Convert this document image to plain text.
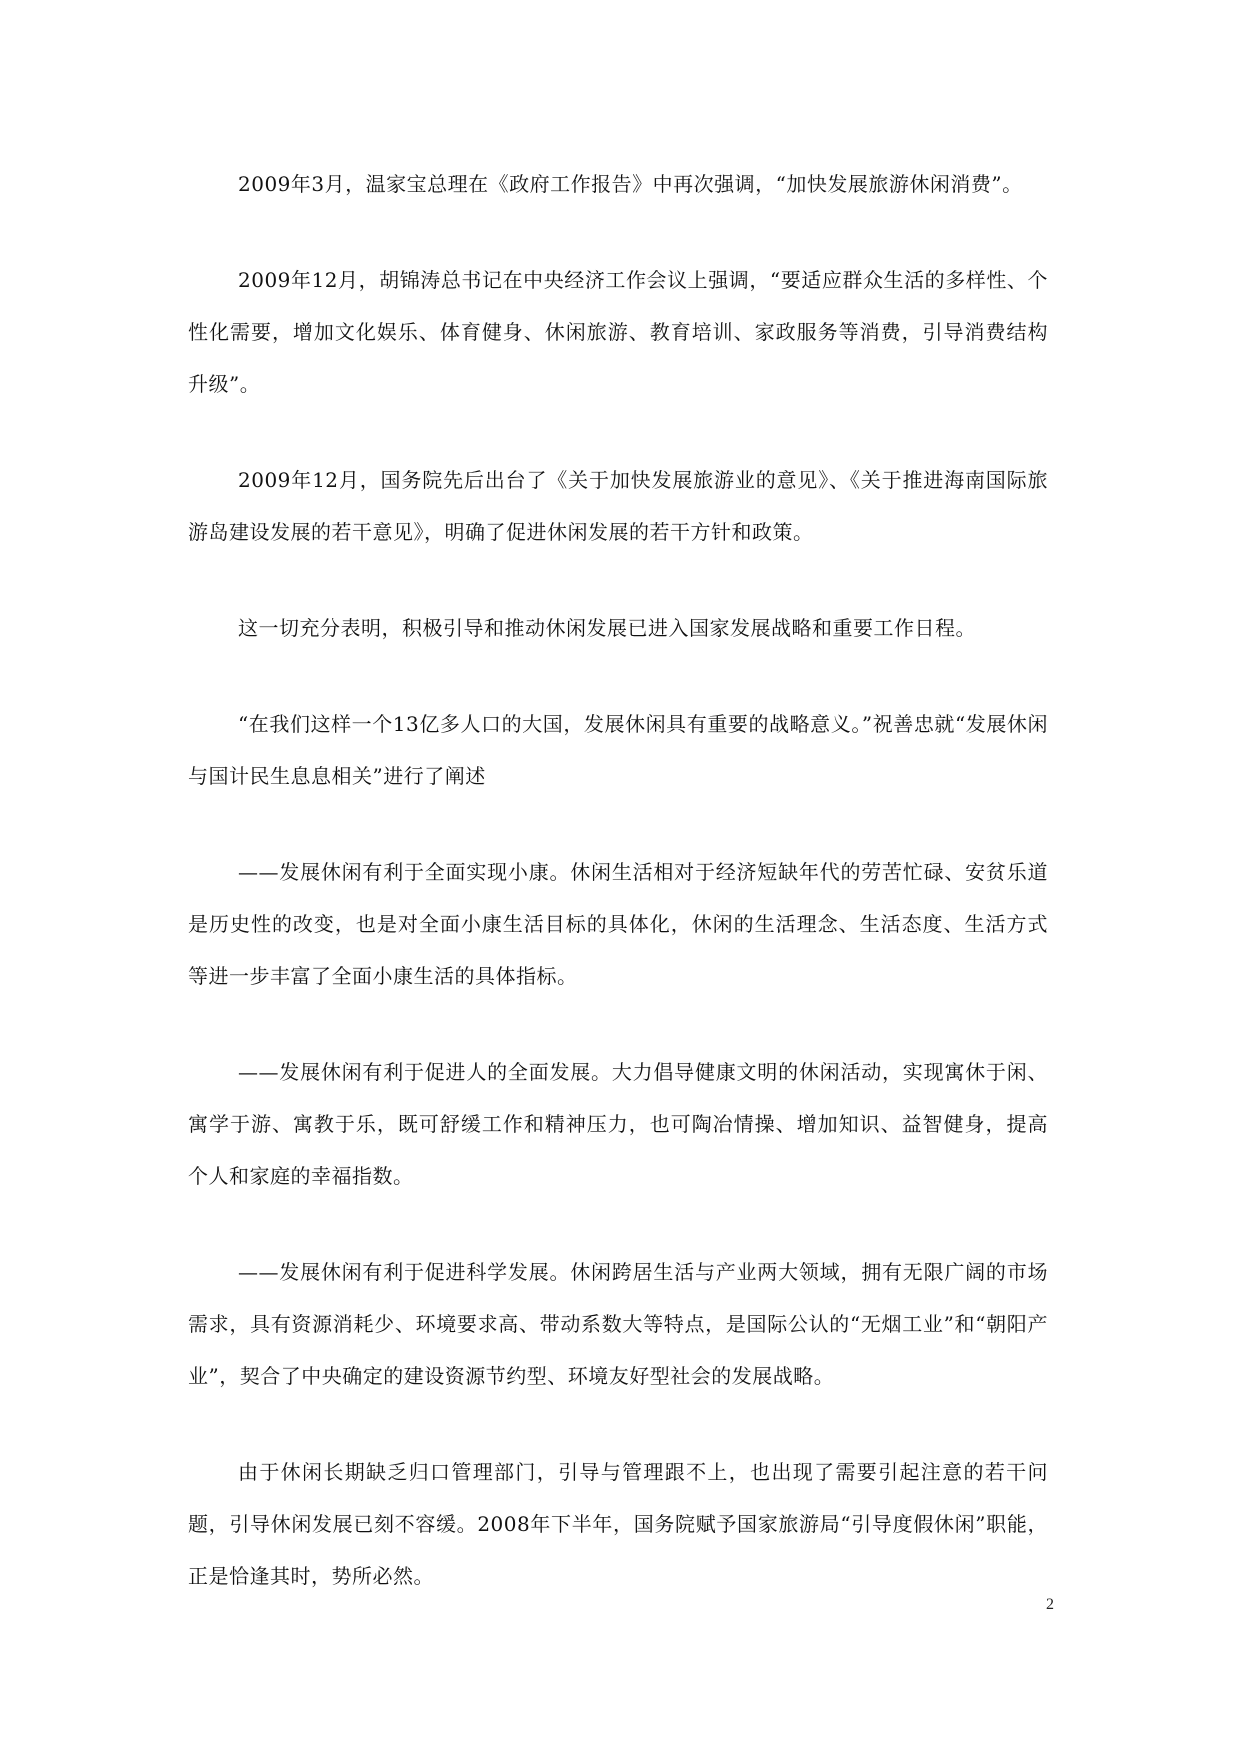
2009年3月，温家宝总理在《政府工作报告》中再次强调，“加快发展旅游休闲消费”。

2009年12月，胡锦涛总书记在中央经济工作会议上强调，“要适应群众生活的多样性、个性化需要，增加文化娱乐、体育健身、休闲旅游、教育培训、家政服务等消费，引导消费结构升级”。

2009年12月，国务院先后出台了《关于加快发展旅游业的意见》、《关于推进海南国际旅游岛建设发展的若干意见》，明确了促进休闲发展的若干方针和政策。

这一切充分表明，积极引导和推动休闲发展已进入国家发展战略和重要工作日程。

“在我们这样一个13亿多人口的大国，发展休闲具有重要的战略意义。”祝善忠就“发展休闲与国计民生息息相关”进行了阐述

——发展休闲有利于全面实现小康。休闲生活相对于经济短缺年代的劳苦忙碌、安贫乐道是历史性的改变，也是对全面小康生活目标的具体化，休闲的生活理念、生活态度、生活方式等进一步丰富了全面小康生活的具体指标。

——发展休闲有利于促进人的全面发展。大力倡导健康文明的休闲活动，实现寓休于闲、寓学于游、寓教于乐，既可舒缓工作和精神压力，也可陶冶情操、增加知识、益智健身，提高个人和家庭的幸福指数。

——发展休闲有利于促进科学发展。休闲跨居生活与产业两大领域，拥有无限广阔的市场需求，具有资源消耗少、环境要求高、带动系数大等特点，是国际公认的“无烟工业”和“朝阳产业”，契合了中央确定的建设资源节约型、环境友好型社会的发展战略。

由于休闲长期缺乏归口管理部门，引导与管理跟不上，也出现了需要引起注意的若干问题，引导休闲发展已刻不容缓。2008年下半年，国务院赋予国家旅游局“引导度假休闲”职能，正是恰逢其时，势所必然。

2
